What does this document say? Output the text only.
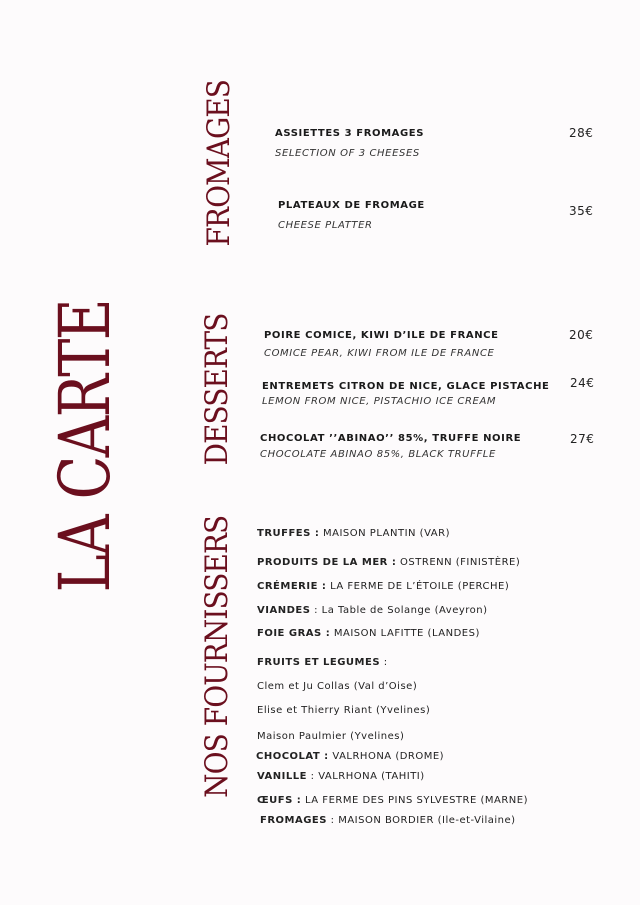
LA CARTE
FROMAGES
DESSERTS
NOS FOURNISSERS
ASSIETTES 3 FROMAGES
SELECTION OF 3 CHEESES
28€
PLATEAUX DE FROMAGE
CHEESE PLATTER
35€
POIRE COMICE, KIWI D’ILE DE FRANCE
COMICE PEAR, KIWI FROM ILE DE FRANCE
20€
ENTREMETS CITRON DE NICE, GLACE PISTACHE
LEMON FROM NICE, PISTACHIO ICE CREAM
24€
CHOCOLAT ’’ABINAO’’ 85%, TRUFFE NOIRE
CHOCOLATE ABINAO 85%, BLACK TRUFFLE
27€
TRUFFES : MAISON PLANTIN (VAR)
PRODUITS DE LA MER : OSTRENN (FINISTÈRE)
CRÉMERIE : LA FERME DE L’ÉTOILE (PERCHE)
VIANDES : La Table de Solange (Aveyron)
FOIE GRAS : MAISON LAFITTE (LANDES)
FRUITS ET LEGUMES :
Clem et Ju Collas (Val d’Oise)
Elise et Thierry Riant (Yvelines)
Maison Paulmier (Yvelines)
CHOCOLAT : VALRHONA (DROME)
VANILLE : VALRHONA (TAHITI)
ŒUFS : LA FERME DES PINS SYLVESTRE (MARNE)
FROMAGES : MAISON BORDIER (Ile-et-Vilaine)
